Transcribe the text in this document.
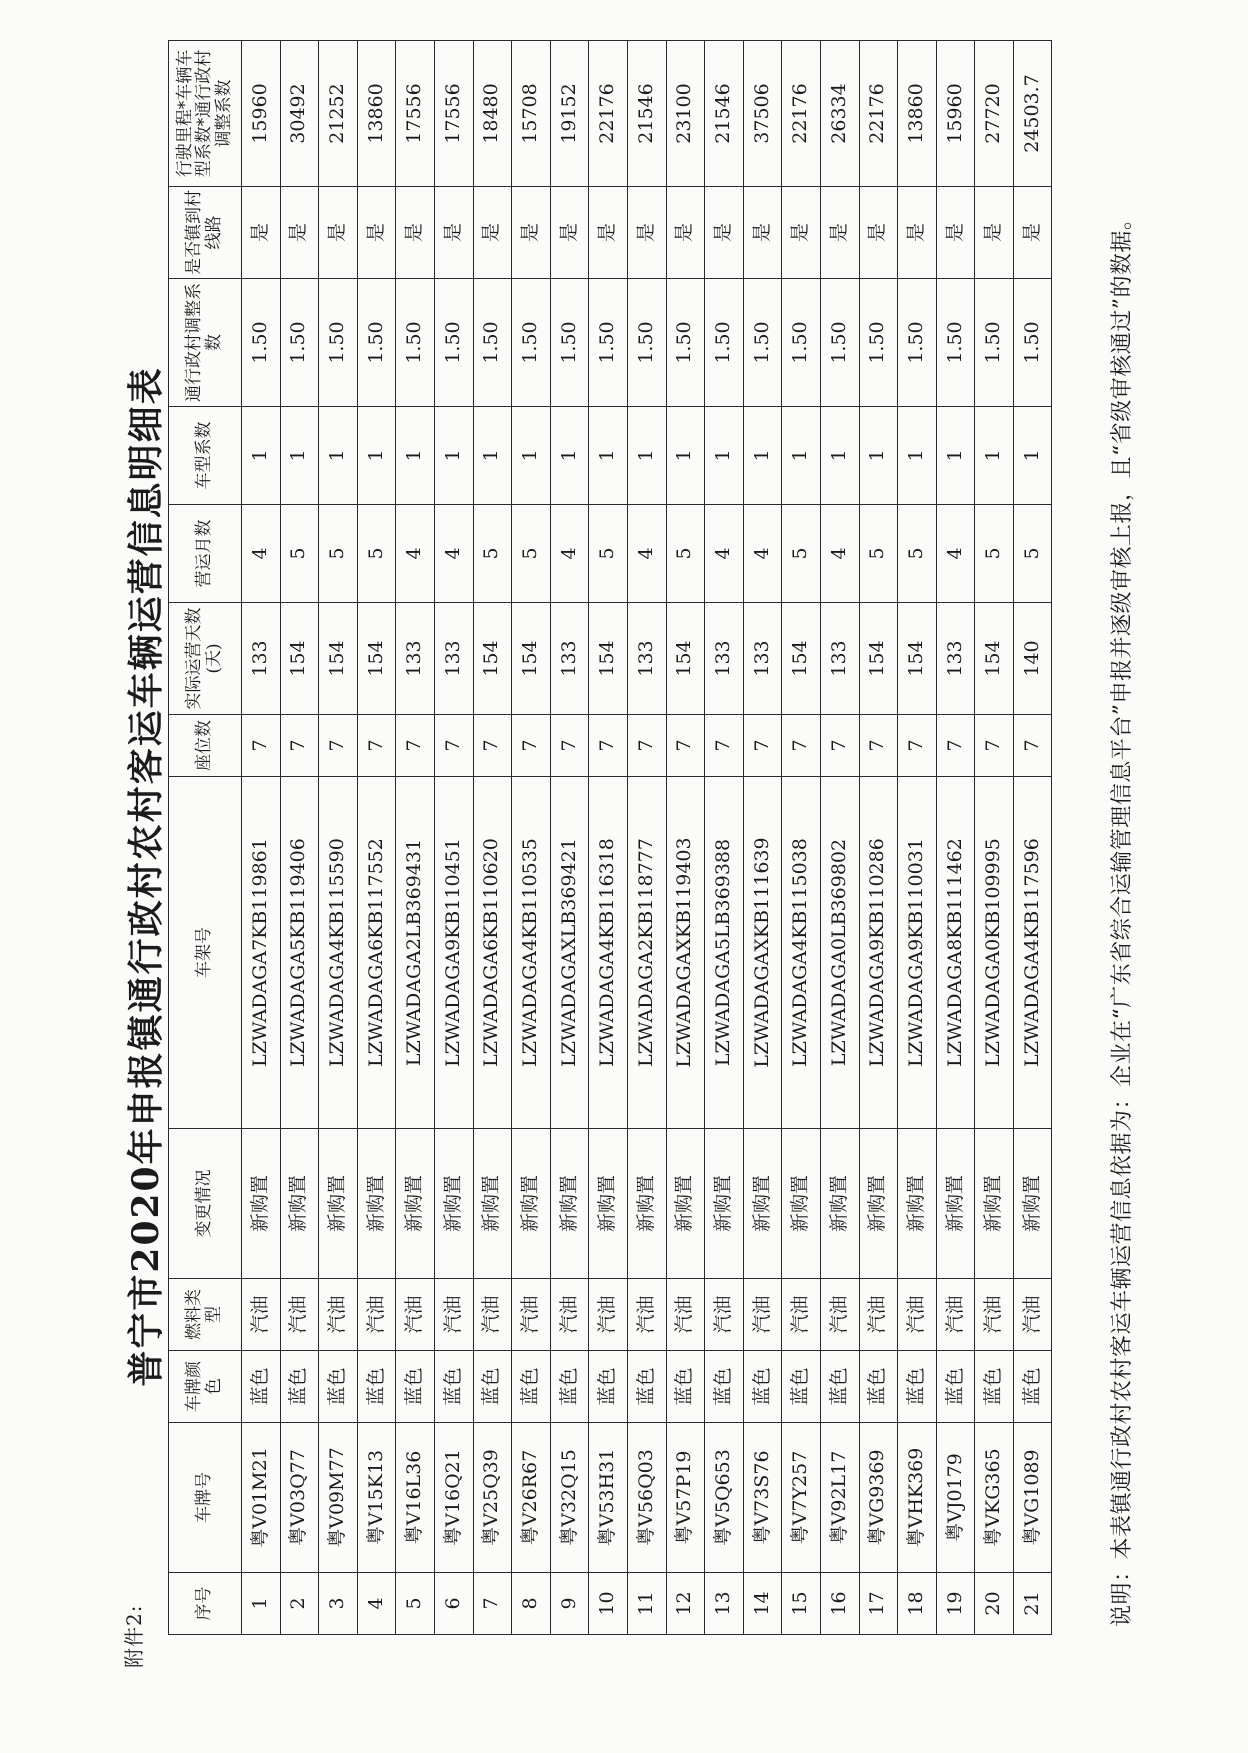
附件2:
普宁市2020年申报镇通行政村农村客运车辆运营信息明细表
序号	车牌号	车牌颜色	燃料类型	变更情况	车架号	座位数	实际运营天数(天)	营运月数	车型系数	通行政村调整系数	是否镇到村线路	行驶里程*车辆车型系数*通行政村调整系数
1	粤V01M21	蓝色	汽油	新购置	LZWADAGA7KB119861	7	133	4	1	1.50	是	15960
2	粤V03Q77	蓝色	汽油	新购置	LZWADAGA5KB119406	7	154	5	1	1.50	是	30492
3	粤V09M77	蓝色	汽油	新购置	LZWADAGA4KB115590	7	154	5	1	1.50	是	21252
4	粤V15K13	蓝色	汽油	新购置	LZWADAGA6KB117552	7	154	5	1	1.50	是	13860
5	粤V16L36	蓝色	汽油	新购置	LZWADAGA2LB369431	7	133	4	1	1.50	是	17556
6	粤V16Q21	蓝色	汽油	新购置	LZWADAGA9KB110451	7	133	4	1	1.50	是	17556
7	粤V25Q39	蓝色	汽油	新购置	LZWADAGA6KB110620	7	154	5	1	1.50	是	18480
8	粤V26R67	蓝色	汽油	新购置	LZWADAGA4KB110535	7	154	5	1	1.50	是	15708
9	粤V32Q15	蓝色	汽油	新购置	LZWADAGAXLB369421	7	133	4	1	1.50	是	19152
10	粤V53H31	蓝色	汽油	新购置	LZWADAGA4KB116318	7	154	5	1	1.50	是	22176
11	粤V56Q03	蓝色	汽油	新购置	LZWADAGA2KB118777	7	133	4	1	1.50	是	21546
12	粤V57P19	蓝色	汽油	新购置	LZWADAGAXKB119403	7	154	5	1	1.50	是	23100
13	粤V5Q653	蓝色	汽油	新购置	LZWADAGA5LB369388	7	133	4	1	1.50	是	21546
14	粤V73S76	蓝色	汽油	新购置	LZWADAGAXKB111639	7	133	4	1	1.50	是	37506
15	粤V7Y257	蓝色	汽油	新购置	LZWADAGA4KB115038	7	154	5	1	1.50	是	22176
16	粤V92L17	蓝色	汽油	新购置	LZWADAGA0LB369802	7	133	4	1	1.50	是	26334
17	粤VG9369	蓝色	汽油	新购置	LZWADAGA9KB110286	7	154	5	1	1.50	是	22176
18	粤VHK369	蓝色	汽油	新购置	LZWADAGA9KB110031	7	154	5	1	1.50	是	13860
19	粤VJ0179	蓝色	汽油	新购置	LZWADAGA8KB111462	7	133	4	1	1.50	是	15960
20	粤VKG365	蓝色	汽油	新购置	LZWADAGA0KB109995	7	154	5	1	1.50	是	27720
21	粤VG1089	蓝色	汽油	新购置	LZWADAGA4KB117596	7	140	5	1	1.50	是	24503.7
说明：本表镇通行政村农村客运车辆运营信息依据为：企业在“广东省综合运输管理信息平台”申报并逐级审核上报，且“省级审核通过”的数据。
